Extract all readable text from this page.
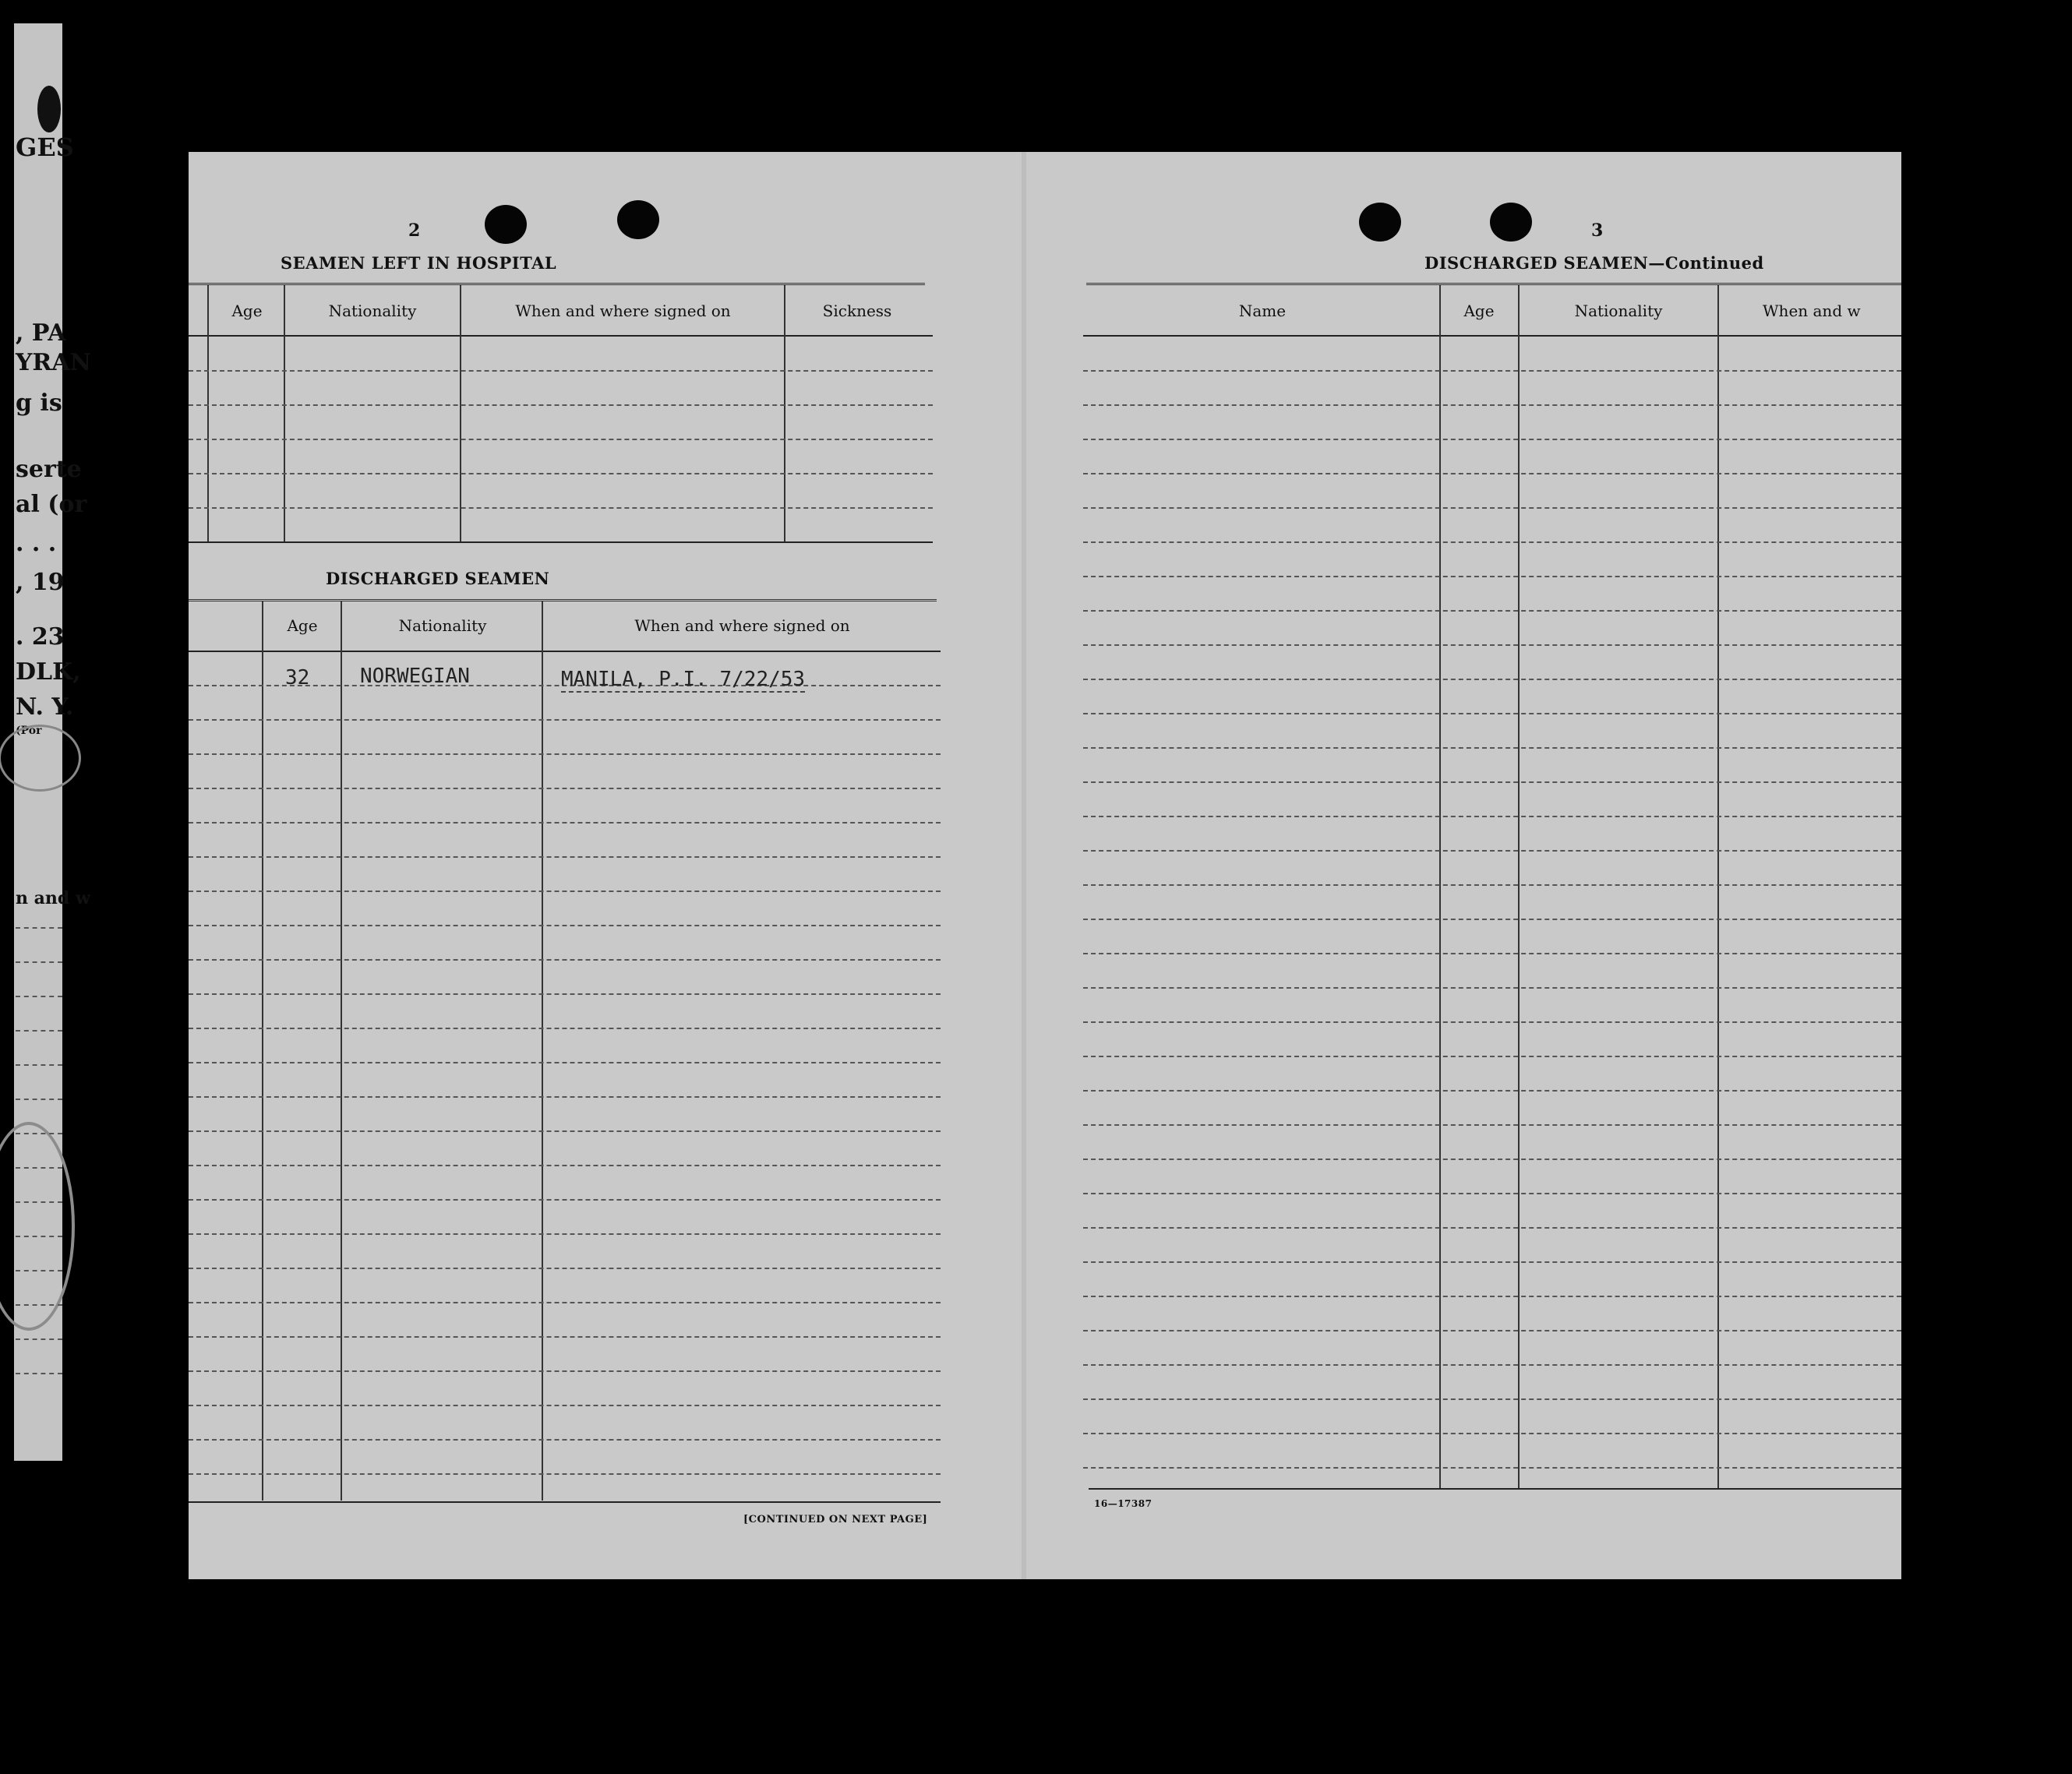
GES
, PA
YRAN
g is
serte
al (or
. . .
, 19
. 23
DLK,
N. Y.
(Por
n and w
2
SEAMEN LEFT IN HOSPITAL
Age	Nationality	When and where signed on	Sickness
DISCHARGED SEAMEN
Age	Nationality	When and where signed on
32 NORWEGIAN	MANILA, P.I. 7/22/53
[CONTINUED ON NEXT PAGE]
3
DISCHARGED SEAMEN—Continued
Name	Age	Nationality	When and w
16—17387
